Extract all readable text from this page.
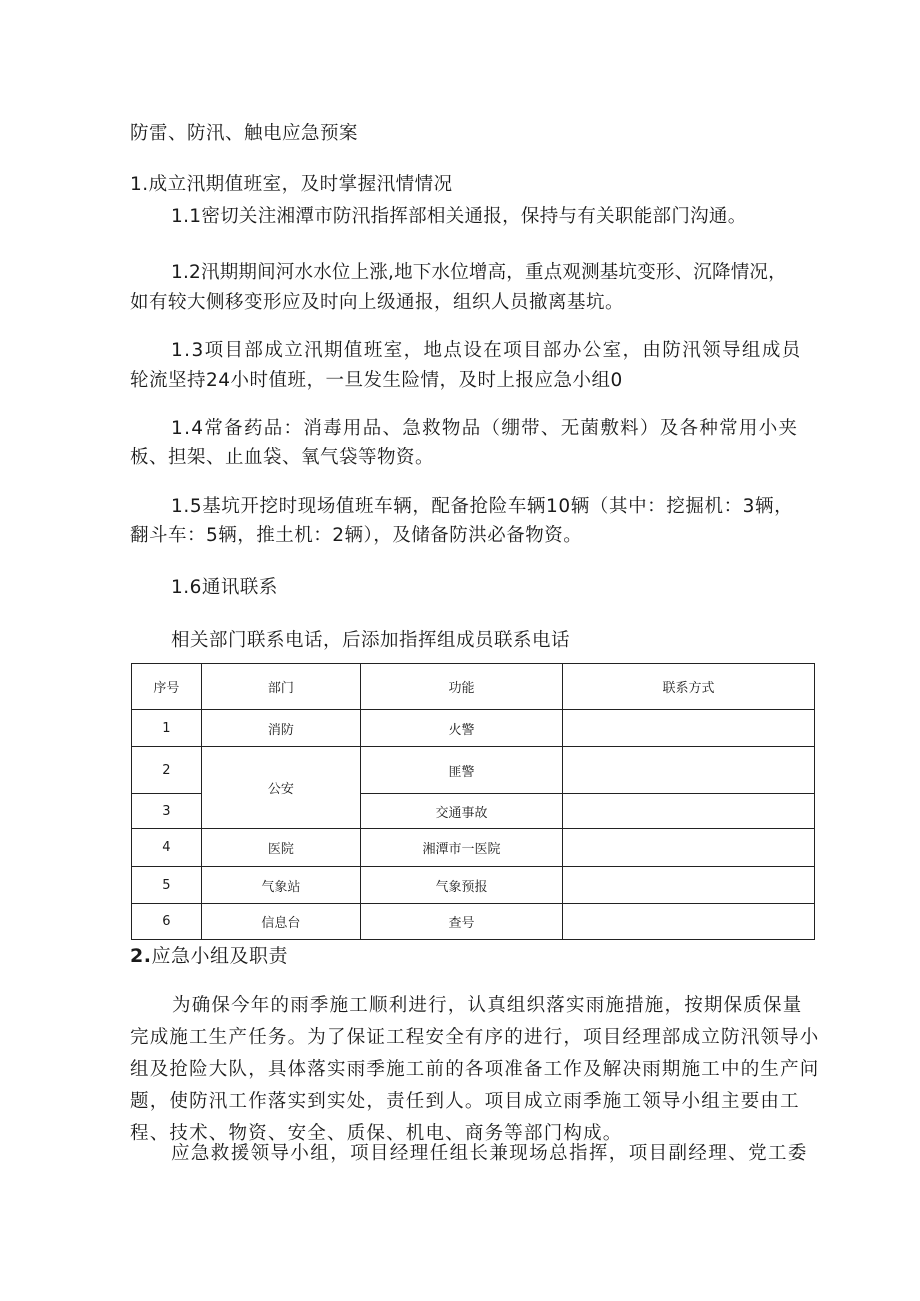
防雷、防汛、触电应急预案
1.成立汛期值班室，及时掌握汛情情况
1.1密切关注湘潭市防汛指挥部相关通报，保持与有关职能部门沟通。
1.2汛期期间河水水位上涨,地下水位增高，重点观测基坑变形、沉降情况，
如有较大侧移变形应及时向上级通报，组织人员撤离基坑。
1.3项目部成立汛期值班室，地点设在项目部办公室，由防汛领导组成员
轮流坚持24小时值班，一旦发生险情，及时上报应急小组0
1.4常备药品：消毒用品、急救物品（绷带、无菌敷料）及各种常用小夹
板、担架、止血袋、氧气袋等物资。
1.5基坑开挖时现场值班车辆，配备抢险车辆10辆（其中：挖掘机：3辆，
翻斗车：5辆，推土机：2辆），及储备防洪必备物资。
1.6通讯联系
相关部门联系电话，后添加指挥组成员联系电话
序号	部门	功能	联系方式
1	消防	火警	
2	公安	匪警	
3		交通事故	
4	医院	湘潭市一医院	
5	气象站	气象预报	
6	信息台	查号	
2.应急小组及职责
为确保今年的雨季施工顺利进行，认真组织落实雨施措施，按期保质保量完成施工生产任务。为了保证工程安全有序的进行，项目经理部成立防汛领导小组及抢险大队，具体落实雨季施工前的各项准备工作及解决雨期施工中的生产问题，使防汛工作落实到实处，责任到人。项目成立雨季施工领导小组主要由工程、技术、物资、安全、质保、机电、商务等部门构成。
应急救援领导小组，项目经理任组长兼现场总指挥，项目副经理、党工委
